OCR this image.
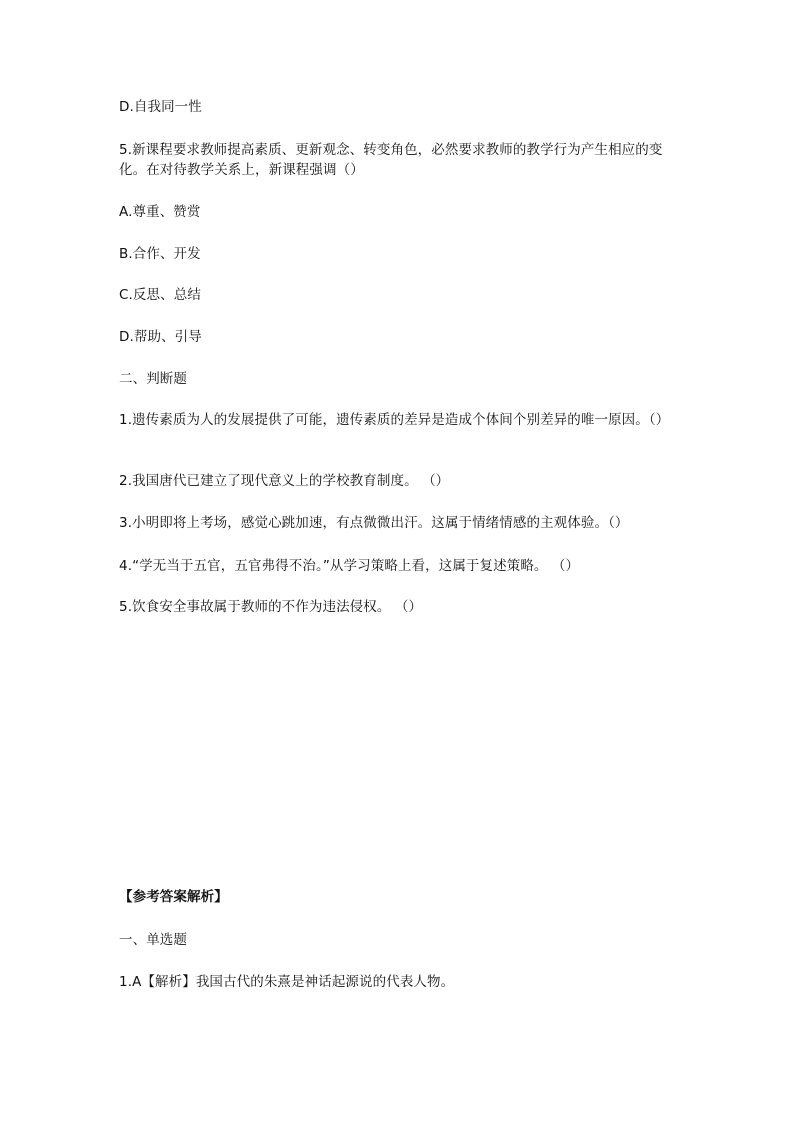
D.自我同一性
5.新课程要求教师提高素质、更新观念、转变角色，必然要求教师的教学行为产生相应的变化。在对待教学关系上，新课程强调（）
A.尊重、赞赏
B.合作、开发
C.反思、总结
D.帮助、引导
二、判断题
1.遗传素质为人的发展提供了可能，遗传素质的差异是造成个体间个别差异的唯一原因。（）
2.我国唐代已建立了现代意义上的学校教育制度。 （）
3.小明即将上考场，感觉心跳加速，有点微微出汗。这属于情绪情感的主观体验。（）
4.“学无当于五官，五官弗得不治。”从学习策略上看，这属于复述策略。 （）
5.饮食安全事故属于教师的不作为违法侵权。 （）
【参考答案解析】
一、单选题
1.A【解析】我国古代的朱熹是神话起源说的代表人物。
